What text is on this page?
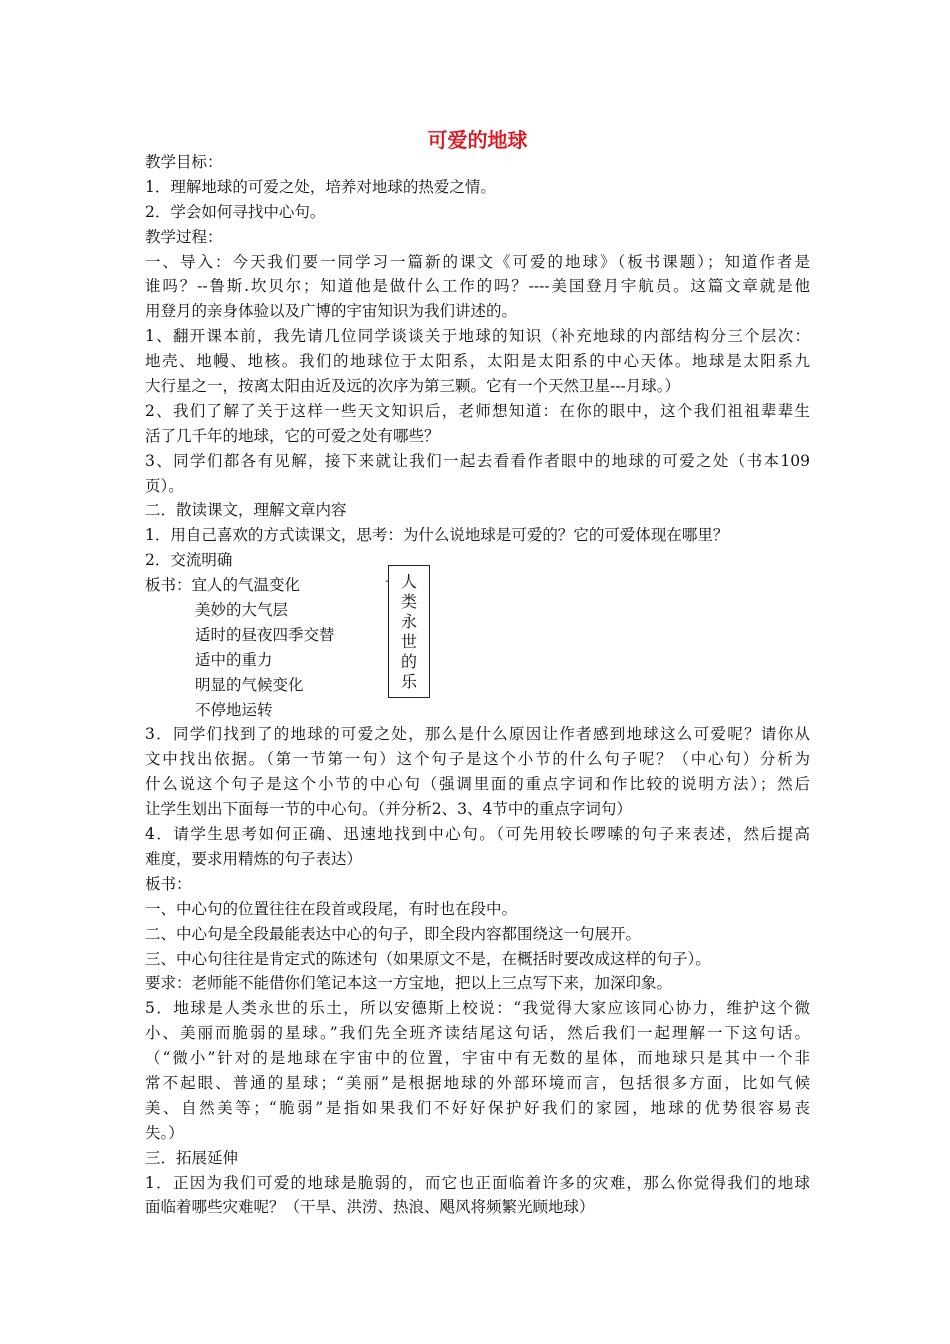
可爱的地球
教学目标：
1．理解地球的可爱之处，培养对地球的热爱之情。
2．学会如何寻找中心句。
教学过程：
一、导入：今天我们要一同学习一篇新的课文《可爱的地球》（板书课题）；知道作者是
谁吗？--鲁斯.坎贝尔；知道他是做什么工作的吗？----美国登月宇航员。这篇文章就是他
用登月的亲身体验以及广博的宇宙知识为我们讲述的。
1、翻开课本前，我先请几位同学谈谈关于地球的知识（补充地球的内部结构分三个层次：
地壳、地幔、地核。我们的地球位于太阳系，太阳是太阳系的中心天体。地球是太阳系九
大行星之一，按离太阳由近及远的次序为第三颗。它有一个天然卫星---月球。）
2、我们了解了关于这样一些天文知识后，老师想知道：在你的眼中，这个我们祖祖辈辈生
活了几千年的地球，它的可爱之处有哪些？
3、同学们都各有见解，接下来就让我们一起去看看作者眼中的地球的可爱之处（书本109
页）。
二．散读课文，理解文章内容
1．用自己喜欢的方式读课文，思考：为什么说地球是可爱的？它的可爱体现在哪里？
2．交流明确
板书：宜人的气温变化
美妙的大气层
适时的昼夜四季交替
适中的重力
明显的气候变化
不停地运转
3．同学们找到了的地球的可爱之处，那么是什么原因让作者感到地球这么可爱呢？请你从
文中找出依据。（第一节第一句）这个句子是这个小节的什么句子呢？（中心句）分析为
什么说这个句子是这个小节的中心句（强调里面的重点字词和作比较的说明方法）；然后
让学生划出下面每一节的中心句。（并分析2、3、4节中的重点字词句）
4．请学生思考如何正确、迅速地找到中心句。（可先用较长啰嗦的句子来表述，然后提高
难度，要求用精炼的句子表达）
板书：
一、中心句的位置往往在段首或段尾，有时也在段中。
二、中心句是全段最能表达中心的句子，即全段内容都围绕这一句展开。
三、中心句往往是肯定式的陈述句（如果原文不是，在概括时要改成这样的句子）。
要求：老师能不能借你们笔记本这一方宝地，把以上三点写下来，加深印象。
5．地球是人类永世的乐土，所以安德斯上校说：“我觉得大家应该同心协力，维护这个微
小、美丽而脆弱的星球。”我们先全班齐读结尾这句话，然后我们一起理解一下这句话。
（“微小”针对的是地球在宇宙中的位置，宇宙中有无数的星体，而地球只是其中一个非
常不起眼、普通的星球；“美丽”是根据地球的外部环境而言，包括很多方面，比如气候
美、自然美等；“脆弱”是指如果我们不好好保护好我们的家园，地球的优势很容易丧
失。）
三．拓展延伸
1．正因为我们可爱的地球是脆弱的，而它也正面临着许多的灾难，那么你觉得我们的地球
面临着哪些灾难呢？（干旱、洪涝、热浪、飓风将频繁光顾地球）
. 人
类
永
世
的
乐
